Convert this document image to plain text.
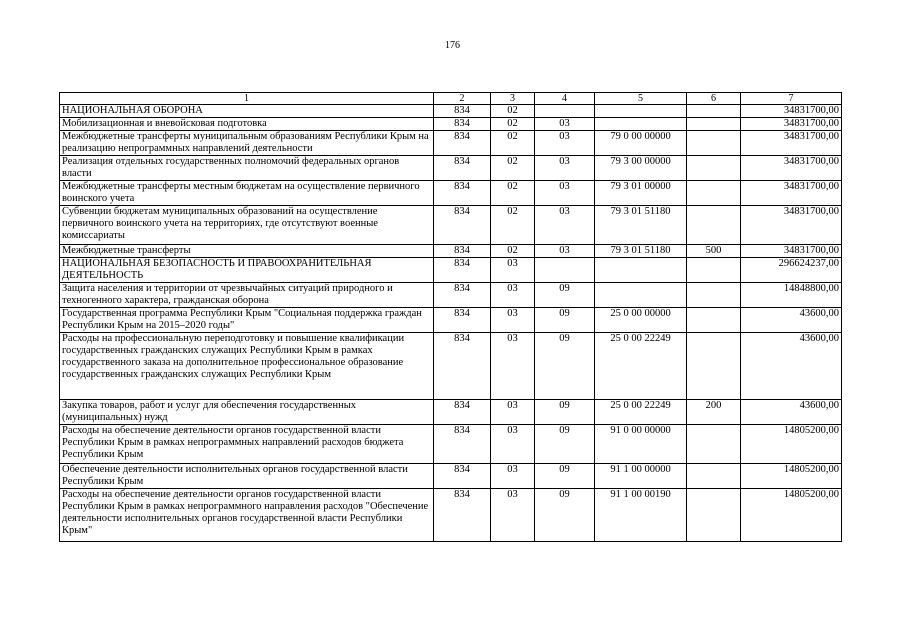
176
1	2	3	4	5	6	7
НАЦИОНАЛЬНАЯ ОБОРОНА	834	02				34831700,00
Мобилизационная и вневойсковая подготовка	834	02	03			34831700,00
Межбюджетные трансферты муниципальным образованиям Республики Крым на реализацию непрограммных направлений деятельности	834	02	03	79 0 00 00000		34831700,00
Реализация отдельных государственных полномочий федеральных органов власти	834	02	03	79 3 00 00000		34831700,00
Межбюджетные трансферты местным бюджетам на осуществление первичного воинского учета	834	02	03	79 3 01 00000		34831700,00
Субвенции бюджетам муниципальных образований на осуществление первичного воинского учета на территориях, где отсутствуют военные комиссариаты	834	02	03	79 3 01 51180		34831700,00
Межбюджетные трансферты	834	02	03	79 3 01 51180	500	34831700,00
НАЦИОНАЛЬНАЯ БЕЗОПАСНОСТЬ И ПРАВООХРАНИТЕЛЬНАЯ ДЕЯТЕЛЬНОСТЬ	834	03				296624237,00
Защита населения и территории от чрезвычайных ситуаций природного и техногенного характера, гражданская оборона	834	03	09			14848800,00
Государственная программа Республики Крым "Социальная поддержка граждан Республики Крым на 2015–2020 годы"	834	03	09	25 0 00 00000		43600,00
Расходы на профессиональную переподготовку и повышение квалификации государственных гражданских служащих Республики Крым в рамках государственного заказа на дополнительное профессиональное образование государственных гражданских служащих Республики Крым	834	03	09	25 0 00 22249		43600,00
Закупка товаров, работ и услуг для обеспечения государственных (муниципальных) нужд	834	03	09	25 0 00 22249	200	43600,00
Расходы на обеспечение деятельности органов государственной власти Республики Крым в рамках непрограммных направлений расходов бюджета Республики Крым	834	03	09	91 0 00 00000		14805200,00
Обеспечение деятельности исполнительных органов государственной власти Республики Крым	834	03	09	91 1 00 00000		14805200,00
Расходы на обеспечение деятельности органов государственной власти Республики Крым в рамках непрограммного направления расходов "Обеспечение деятельности исполнительных органов государственной власти Республики Крым"	834	03	09	91 1 00 00190		14805200,00
